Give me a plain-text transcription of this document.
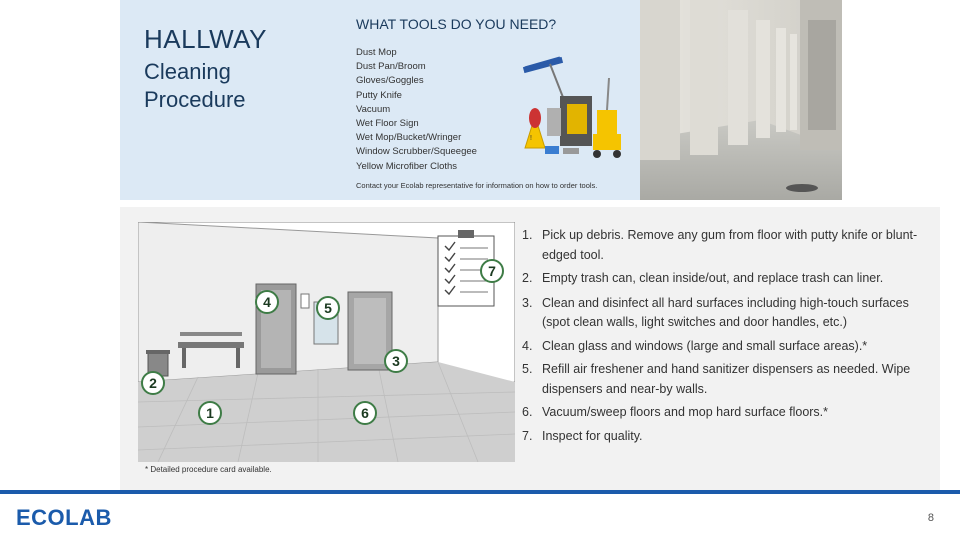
HALLWAY
Cleaning Procedure
WHAT TOOLS DO YOU NEED?
Dust Mop
Dust Pan/Broom
Gloves/Goggles
Putty Knife
Vacuum
Wet Floor Sign
Wet Mop/Bucket/Wringer
Window Scrubber/Squeegee
Yellow Microfiber Cloths
Contact your Ecolab representative for information on how to order tools.
!
1
2
3
4	5
6
7
* Detailed procedure card available.
1. Pick up debris. Remove any gum from floor with putty knife or blunt-edged tool.
2. Empty trash can, clean inside/out, and replace trash can liner.
3. Clean and disinfect all hard surfaces including high-touch surfaces (spot clean walls, light switches and door handles, etc.)
4. Clean glass and windows (large and small surface areas).*
5. Refill air freshener and hand sanitizer dispensers as needed. Wipe dispensers and near-by walls.
6. Vacuum/sweep floors and mop hard surface floors.*
7. Inspect for quality.
ECOLAB	8
